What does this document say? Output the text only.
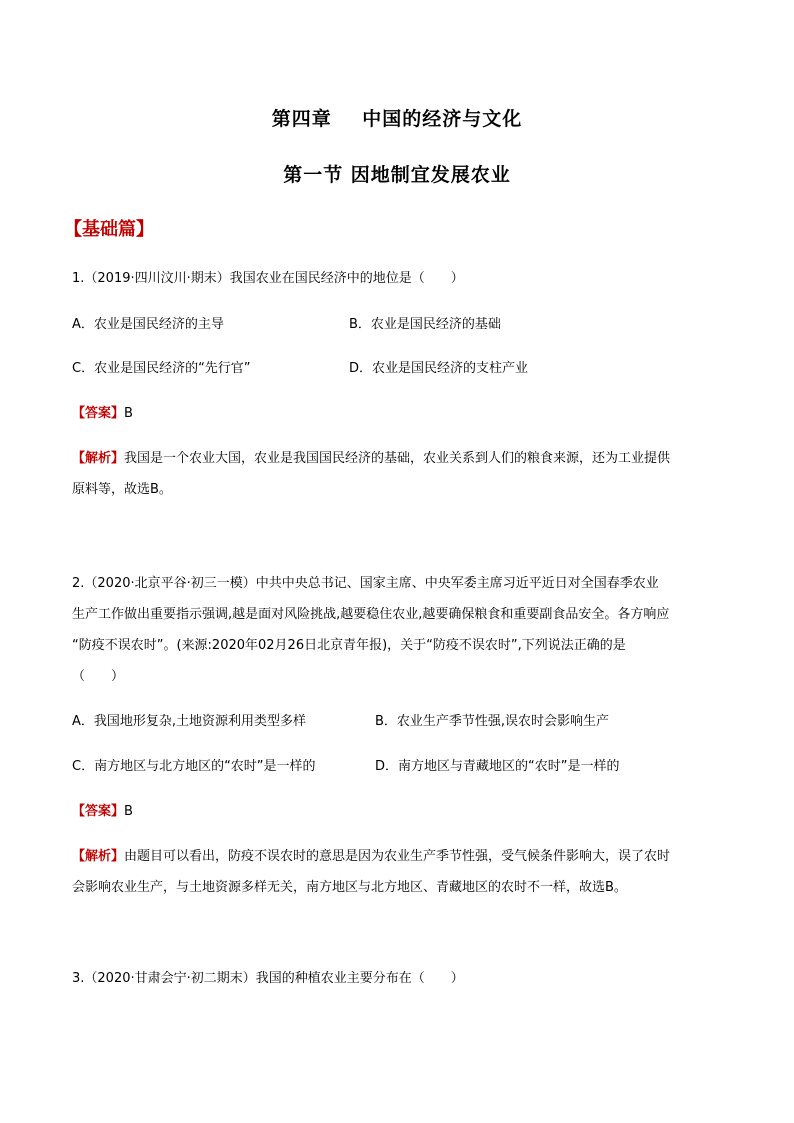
第四章    中国的经济与文化
第一节 因地制宜发展农业
【基础篇】
1.（2019·四川汶川·期末）我国农业在国民经济中的地位是（　　）
A．农业是国民经济的主导	B．农业是国民经济的基础
C．农业是国民经济的“先行官”	D．农业是国民经济的支柱产业
【答案】B
【解析】我国是一个农业大国，农业是我国国民经济的基础，农业关系到人们的粮食来源，还为工业提供
原料等，故选B。
2.（2020·北京平谷·初三一模）中共中央总书记、国家主席、中央军委主席习近平近日对全国春季农业
生产工作做出重要指示强调,越是面对风险挑战,越要稳住农业,越要确保粮食和重要副食品安全。各方响应
“防疫不误农时”。(来源:2020年02月26日北京青年报)，关于“防疫不误农时”,下列说法正确的是
（　　）
A．我国地形复杂,土地资源利用类型多样	B．农业生产季节性强,误农时会影响生产
C．南方地区与北方地区的“农时”是一样的	D．南方地区与青藏地区的“农时”是一样的
【答案】B
【解析】由题目可以看出，防疫不误农时的意思是因为农业生产季节性强，受气候条件影响大，误了农时
会影响农业生产，与土地资源多样无关，南方地区与北方地区、青藏地区的农时不一样，故选B。
3.（2020·甘肃会宁·初二期末）我国的种植农业主要分布在（　　）
